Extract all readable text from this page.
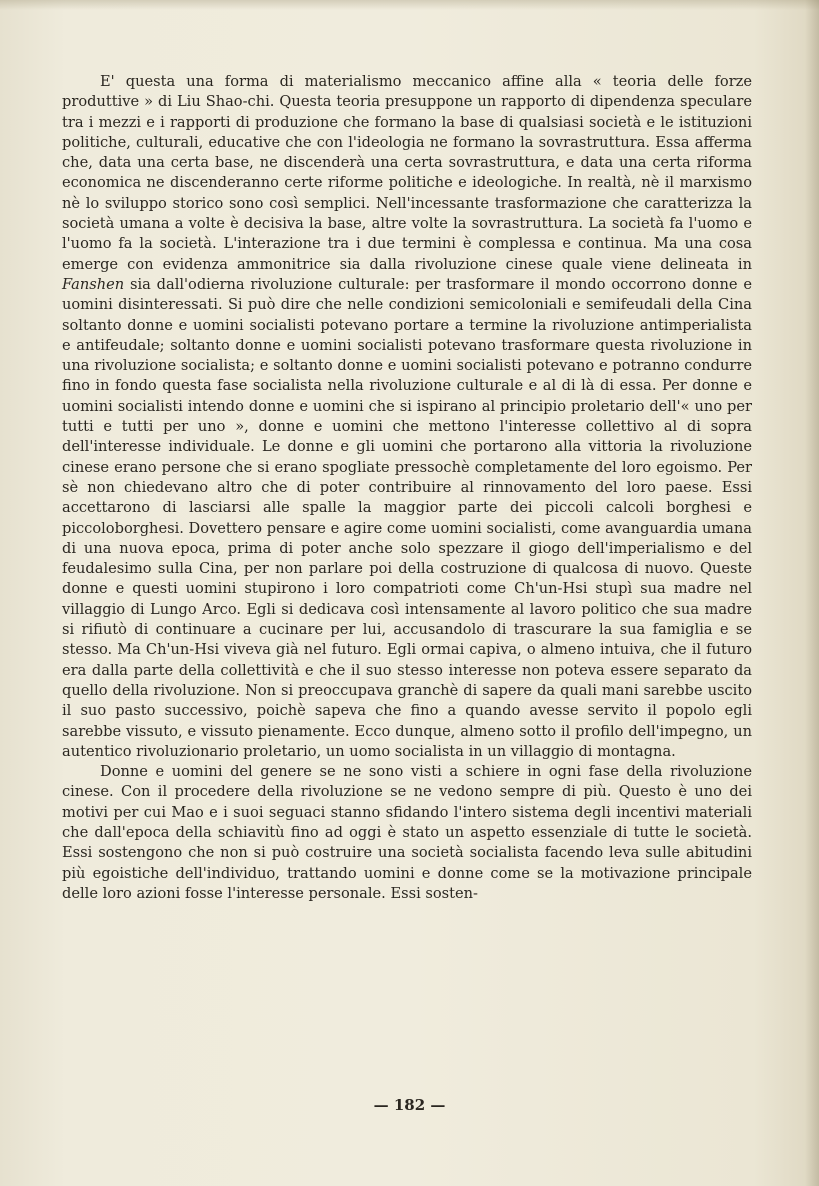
E' questa una forma di materialismo meccanico affine alla « teoria delle forze produttive » di Liu Shao-chi. Questa teoria presuppone un rapporto di dipendenza speculare tra i mezzi e i rapporti di produzione che formano la base di qualsiasi società e le istituzioni politiche, culturali, educative che con l'ideologia ne formano la sovrastruttura. Essa afferma che, data una certa base, ne discenderà una certa sovrastruttura, e data una certa riforma economica ne discenderanno certe riforme politiche e ideologiche. In realtà, nè il marxismo nè lo sviluppo storico sono così semplici. Nell'incessante trasformazione che caratterizza la società umana a volte è decisiva la base, altre volte la sovrastruttura. La società fa l'uomo e l'uomo fa la società. L'interazione tra i due termini è complessa e continua. Ma una cosa emerge con evidenza ammonitrice sia dalla rivoluzione cinese quale viene delineata in Fanshen sia dall'odierna rivoluzione culturale: per trasformare il mondo occorrono donne e uomini disinteressati. Si può dire che nelle condizioni semicoloniali e semifeudali della Cina soltanto donne e uomini socialisti potevano portare a termine la rivoluzione antimperialista e antifeudale; soltanto donne e uomini socialisti potevano trasformare questa rivoluzione in una rivoluzione socialista; e soltanto donne e uomini socialisti potevano e potranno condurre fino in fondo questa fase socialista nella rivoluzione culturale e al di là di essa. Per donne e uomini socialisti intendo donne e uomini che si ispirano al principio proletario dell'« uno per tutti e tutti per uno », donne e uomini che mettono l'interesse collettivo al di sopra dell'interesse individuale. Le donne e gli uomini che portarono alla vittoria la rivoluzione cinese erano persone che si erano spogliate pressochè completamente del loro egoismo. Per sè non chiedevano altro che di poter contribuire al rinnovamento del loro paese. Essi accettarono di lasciarsi alle spalle la maggior parte dei piccoli calcoli borghesi e piccoloborghesi. Dovettero pensare e agire come uomini socialisti, come avanguardia umana di una nuova epoca, prima di poter anche solo spezzare il giogo dell'imperialismo e del feudalesimo sulla Cina, per non parlare poi della costruzione di qualcosa di nuovo. Queste donne e questi uomini stupirono i loro compatrioti come Ch'un-Hsi stupì sua madre nel villaggio di Lungo Arco. Egli si dedicava così intensamente al lavoro politico che sua madre si rifiutò di continuare a cucinare per lui, accusandolo di trascurare la sua famiglia e se stesso. Ma Ch'un-Hsi viveva già nel futuro. Egli ormai capiva, o almeno intuiva, che il futuro era dalla parte della collettività e che il suo stesso interesse non poteva essere separato da quello della rivoluzione. Non si preoccupava granchè di sapere da quali mani sarebbe uscito il suo pasto successivo, poichè sapeva che fino a quando avesse servito il popolo egli sarebbe vissuto, e vissuto pienamente. Ecco dunque, almeno sotto il profilo dell'impegno, un autentico rivoluzionario proletario, un uomo socialista in un villaggio di montagna.

Donne e uomini del genere se ne sono visti a schiere in ogni fase della rivoluzione cinese. Con il procedere della rivoluzione se ne vedono sempre di più. Questo è uno dei motivi per cui Mao e i suoi seguaci stanno sfidando l'intero sistema degli incentivi materiali che dall'epoca della schiavitù fino ad oggi è stato un aspetto essenziale di tutte le società. Essi sostengono che non si può costruire una società socialista facendo leva sulle abitudini più egoistiche dell'individuo, trattando uomini e donne come se la motivazione principale delle loro azioni fosse l'interesse personale. Essi sosten-

— 182 —
